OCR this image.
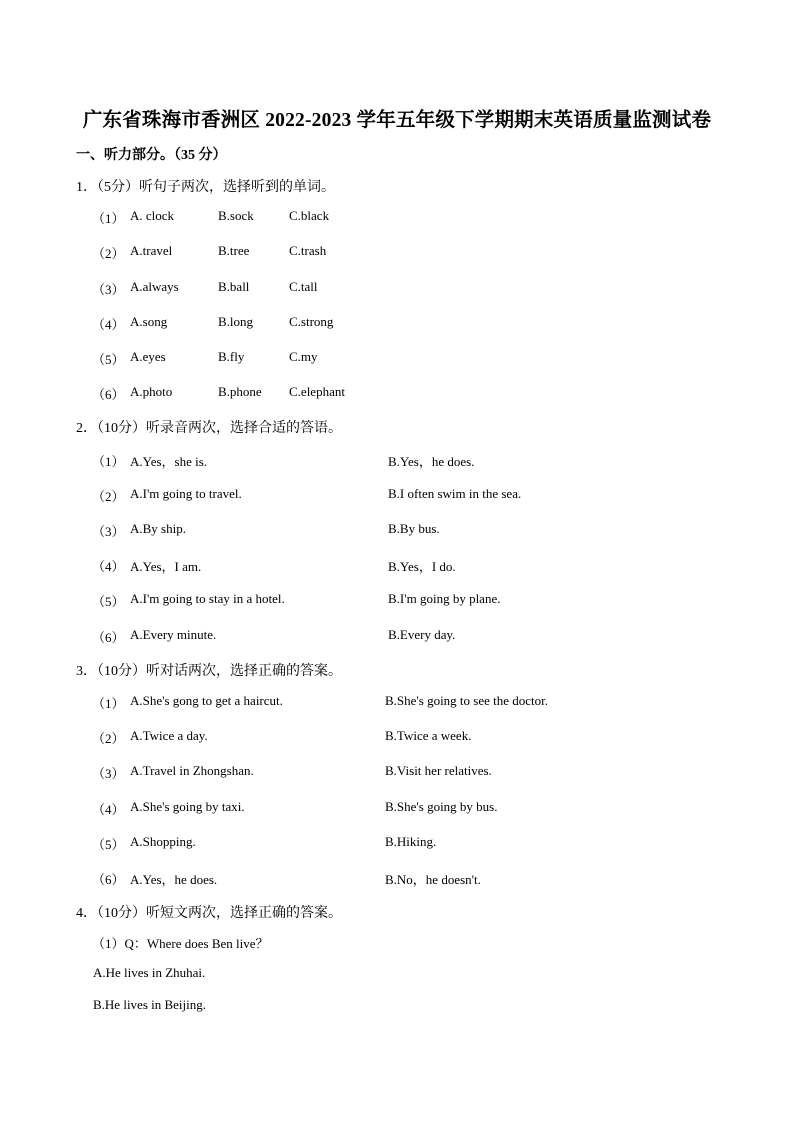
广东省珠海市香洲区 2022-2023 学年五年级下学期期末英语质量监测试卷
一、听力部分。（35 分）
1．（5分）听句子两次，选择听到的单词。
（1） A. clock	B.sock	C.black
（2） A.travel	B.tree	C.trash
（3） A.always	B.ball	C.tall
（4） A.song	B.long	C.strong
（5） A.eyes	B.fly	C.my
（6） A.photo	B.phone C.elephant
2．（10分）听录音两次，选择合适的答语。
（1） A.Yes，she is.	B.Yes，he does.
（2） A.I'm going to travel.	B.I often swim in the sea.
（3） A.By ship.	B.By bus.
（4） A.Yes，I am.	B.Yes，I do.
（5） A.I'm going to stay in a hotel.	B.I'm going by plane.
（6） A.Every minute.	B.Every day.
3．（10分）听对话两次，选择正确的答案。
（1） A.She's gong to get a haircut.	B.She's going to see the doctor.
（2） A.Twice a day.	B.Twice a week.
（3） A.Travel in Zhongshan.	B.Visit her relatives.
（4） A.She's going by taxi.	B.She's going by bus.
（5） A.Shopping.	B.Hiking.
（6） A.Yes，he does.	B.No，he doesn't.
4．（10分）听短文两次，选择正确的答案。
（1）Q：Where does Ben live？
A.He lives in Zhuhai.
B.He lives in Beijing.
